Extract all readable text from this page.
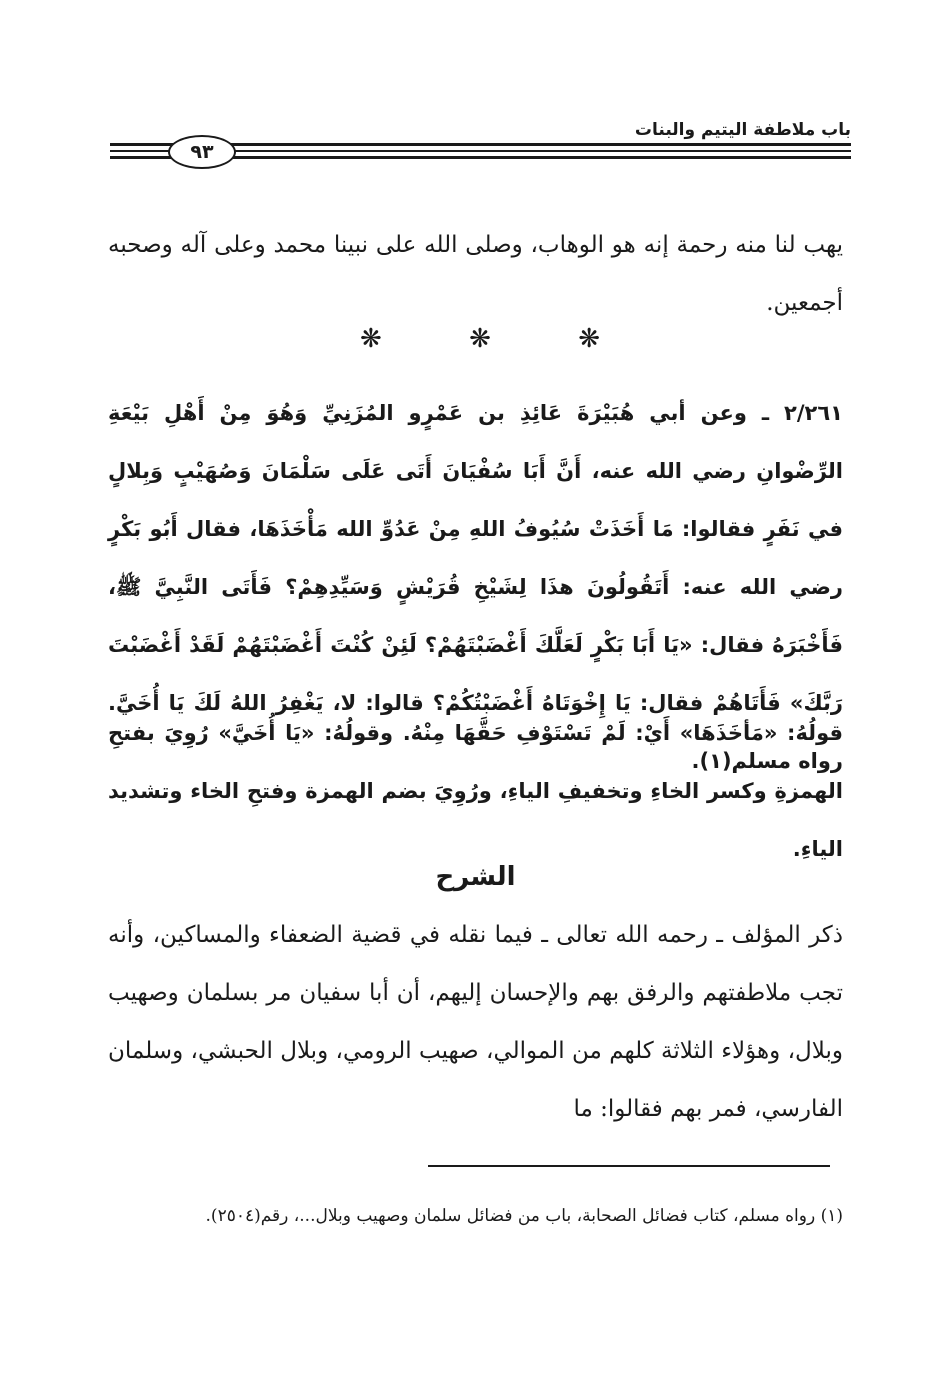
باب ملاطفة اليتيم والبنات
٩٣

يهب لنا منه رحمة إنه هو الوهاب، وصلى الله على نبينا محمد وعلى آله وصحبه أجمعين.

❋	❋	❋

٢/٢٦١ ـ وعن أبي هُبَيْرَةَ عَائِذِ بن عَمْرٍو المُزَنِيِّ وَهُوَ مِنْ أَهْلِ بَيْعَةِ الرِّضْوانِ رضي الله عنه، أَنَّ أَبَا سُفْيَانَ أَتَى عَلَى سَلْمَانَ وَصُهَيْبٍ وَبِلالٍ في نَفَرٍ فقالوا: مَا أَخَذَتْ سُيُوفُ اللهِ مِنْ عَدُوِّ الله مَأْخَذَهَا، فقال أَبُو بَكْرٍ رضي الله عنه: أَتَقُولُونَ هذَا لِشَيْخِ قُرَيْشٍ وَسَيِّدِهِمْ؟ فَأَتَى النَّبِيَّ ﷺ، فَأَخْبَرَهُ فقال: «يَا أَبَا بَكْرٍ لَعَلَّكَ أَغْضَبْتَهُمْ؟ لَئِنْ كُنْتَ أَغْضَبْتَهُمْ لَقَدْ أَغْضَبْتَ رَبَّكَ» فَأَتَاهُمْ فقال: يَا إِخْوَتَاهُ أَغْضَبْتُكُمْ؟ قالوا: لا، يَغْفِرُ اللهُ لَكَ يَا أُخَيَّ. رواه مسلم(١).

قولُهُ: «مَأخَذَهَا» أَيْ: لَمْ تَسْتَوْفِ حَقَّهَا مِنْهُ. وقولُهُ: «يَا أُخَيَّ» رُوِيَ بفتحِ الهمزةِ وكسر الخاءِ وتخفيفِ الياءِ، ورُوِيَ بضم الهمزة وفتحِ الخاء وتشديد الياءِ.

الشرح

ذكر المؤلف ـ رحمه الله تعالى ـ فيما نقله في قضية الضعفاء والمساكين، وأنه تجب ملاطفتهم والرفق بهم والإحسان إليهم، أن أبا سفيان مر بسلمان وصهيب وبلال، وهؤلاء الثلاثة كلهم من الموالي، صهيب الرومي، وبلال الحبشي، وسلمان الفارسي، فمر بهم فقالوا: ما

(١) رواه مسلم، كتاب فضائل الصحابة، باب من فضائل سلمان وصهيب وبلال...، رقم(٢٥٠٤).
